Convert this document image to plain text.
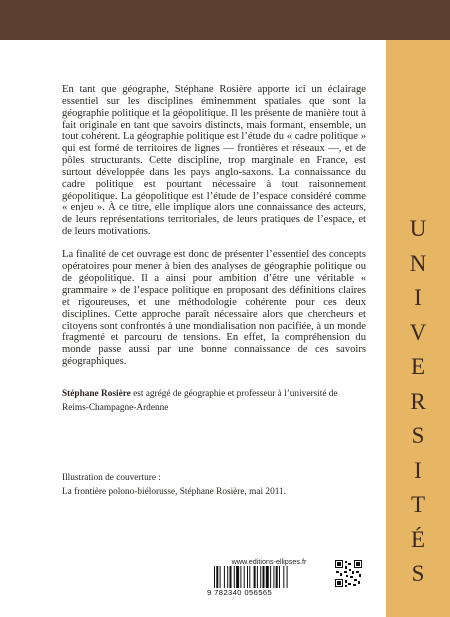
U
N
I
V
E
R
S
I
T
É
S

En tant que géographe, Stéphane Rosière apporte ici un éclairage essentiel sur les disciplines éminemment spatiales que sont la géographie politique et la géopolitique. Il les présente de manière tout à fait originale en tant que savoirs distincts, mais formant, ensemble, un tout cohérent. La géographie politique est l’étude du « cadre politique » qui est formé de territoires de lignes — frontières et réseaux —, et de pôles structurants. Cette discipline, trop marginale en France, est surtout développée dans les pays anglo-saxons. La connaissance du cadre politique est pourtant nécessaire à tout raisonnement géopolitique. La géopolitique est l’étude de l’espace considéré comme « enjeu ». À ce titre, elle implique alors une connaissance des acteurs, de leurs représentations territoriales, de leurs pratiques de l’espace, et de leurs motivations.

La finalité de cet ouvrage est donc de présenter l’essentiel des concepts opératoires pour mener à bien des analyses de géographie politique ou de géopolitique. Il a ainsi pour ambition d’être une véritable « grammaire » de l’espace politique en proposant des définitions claires et rigoureuses, et une méthodologie cohérente pour ces deux disciplines. Cette approche paraît nécessaire alors que chercheurs et citoyens sont confrontés à une mondialisation non pacifiée, à un monde fragmenté et parcouru de tensions. En effet, la compréhension du monde passe aussi par une bonne connaissance de ces savoirs géographiques.

Stéphane Rosière est agrégé de géographie et professeur à l’université de Reims-Champagne-Ardenne
Illustration de couverture :
La frontière polono-biélorusse, Stéphane Rosière, mai 2011.
www.editions-ellipses.fr
9 782340 056565
